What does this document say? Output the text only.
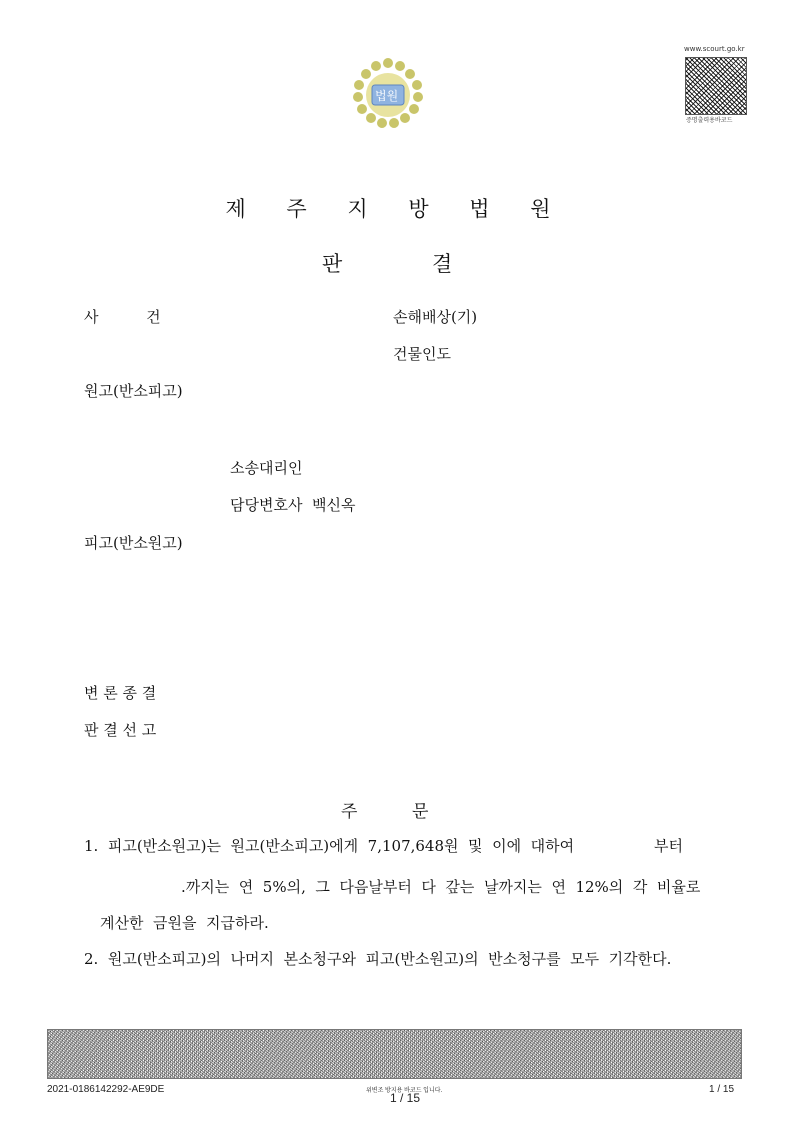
법원
www.scourt.go.kr
증명출력용바코드
제 주 지 방 법 원
판	결
사          건	손해배상(기)
건물인도
원고(반소피고)
소송대리인
담당변호사  백신옥
피고(반소원고)
변 론 종 결
판 결 선 고
주	문
1.  피고(반소원고)는  원고(반소피고)에게  7,107,648원  및  이에  대하여	부터
.까지는  연  5%의,  그  다음날부터  다  갚는  날까지는  연  12%의  각  비율로
계산한  금원을  지급하라.
2.  원고(반소피고)의  나머지  본소청구와  피고(반소원고)의  반소청구를  모두  기각한다.
2021-0186142292-AE9DE	위변조 방지용 바코드 입니다.
1 / 15
1 / 15
